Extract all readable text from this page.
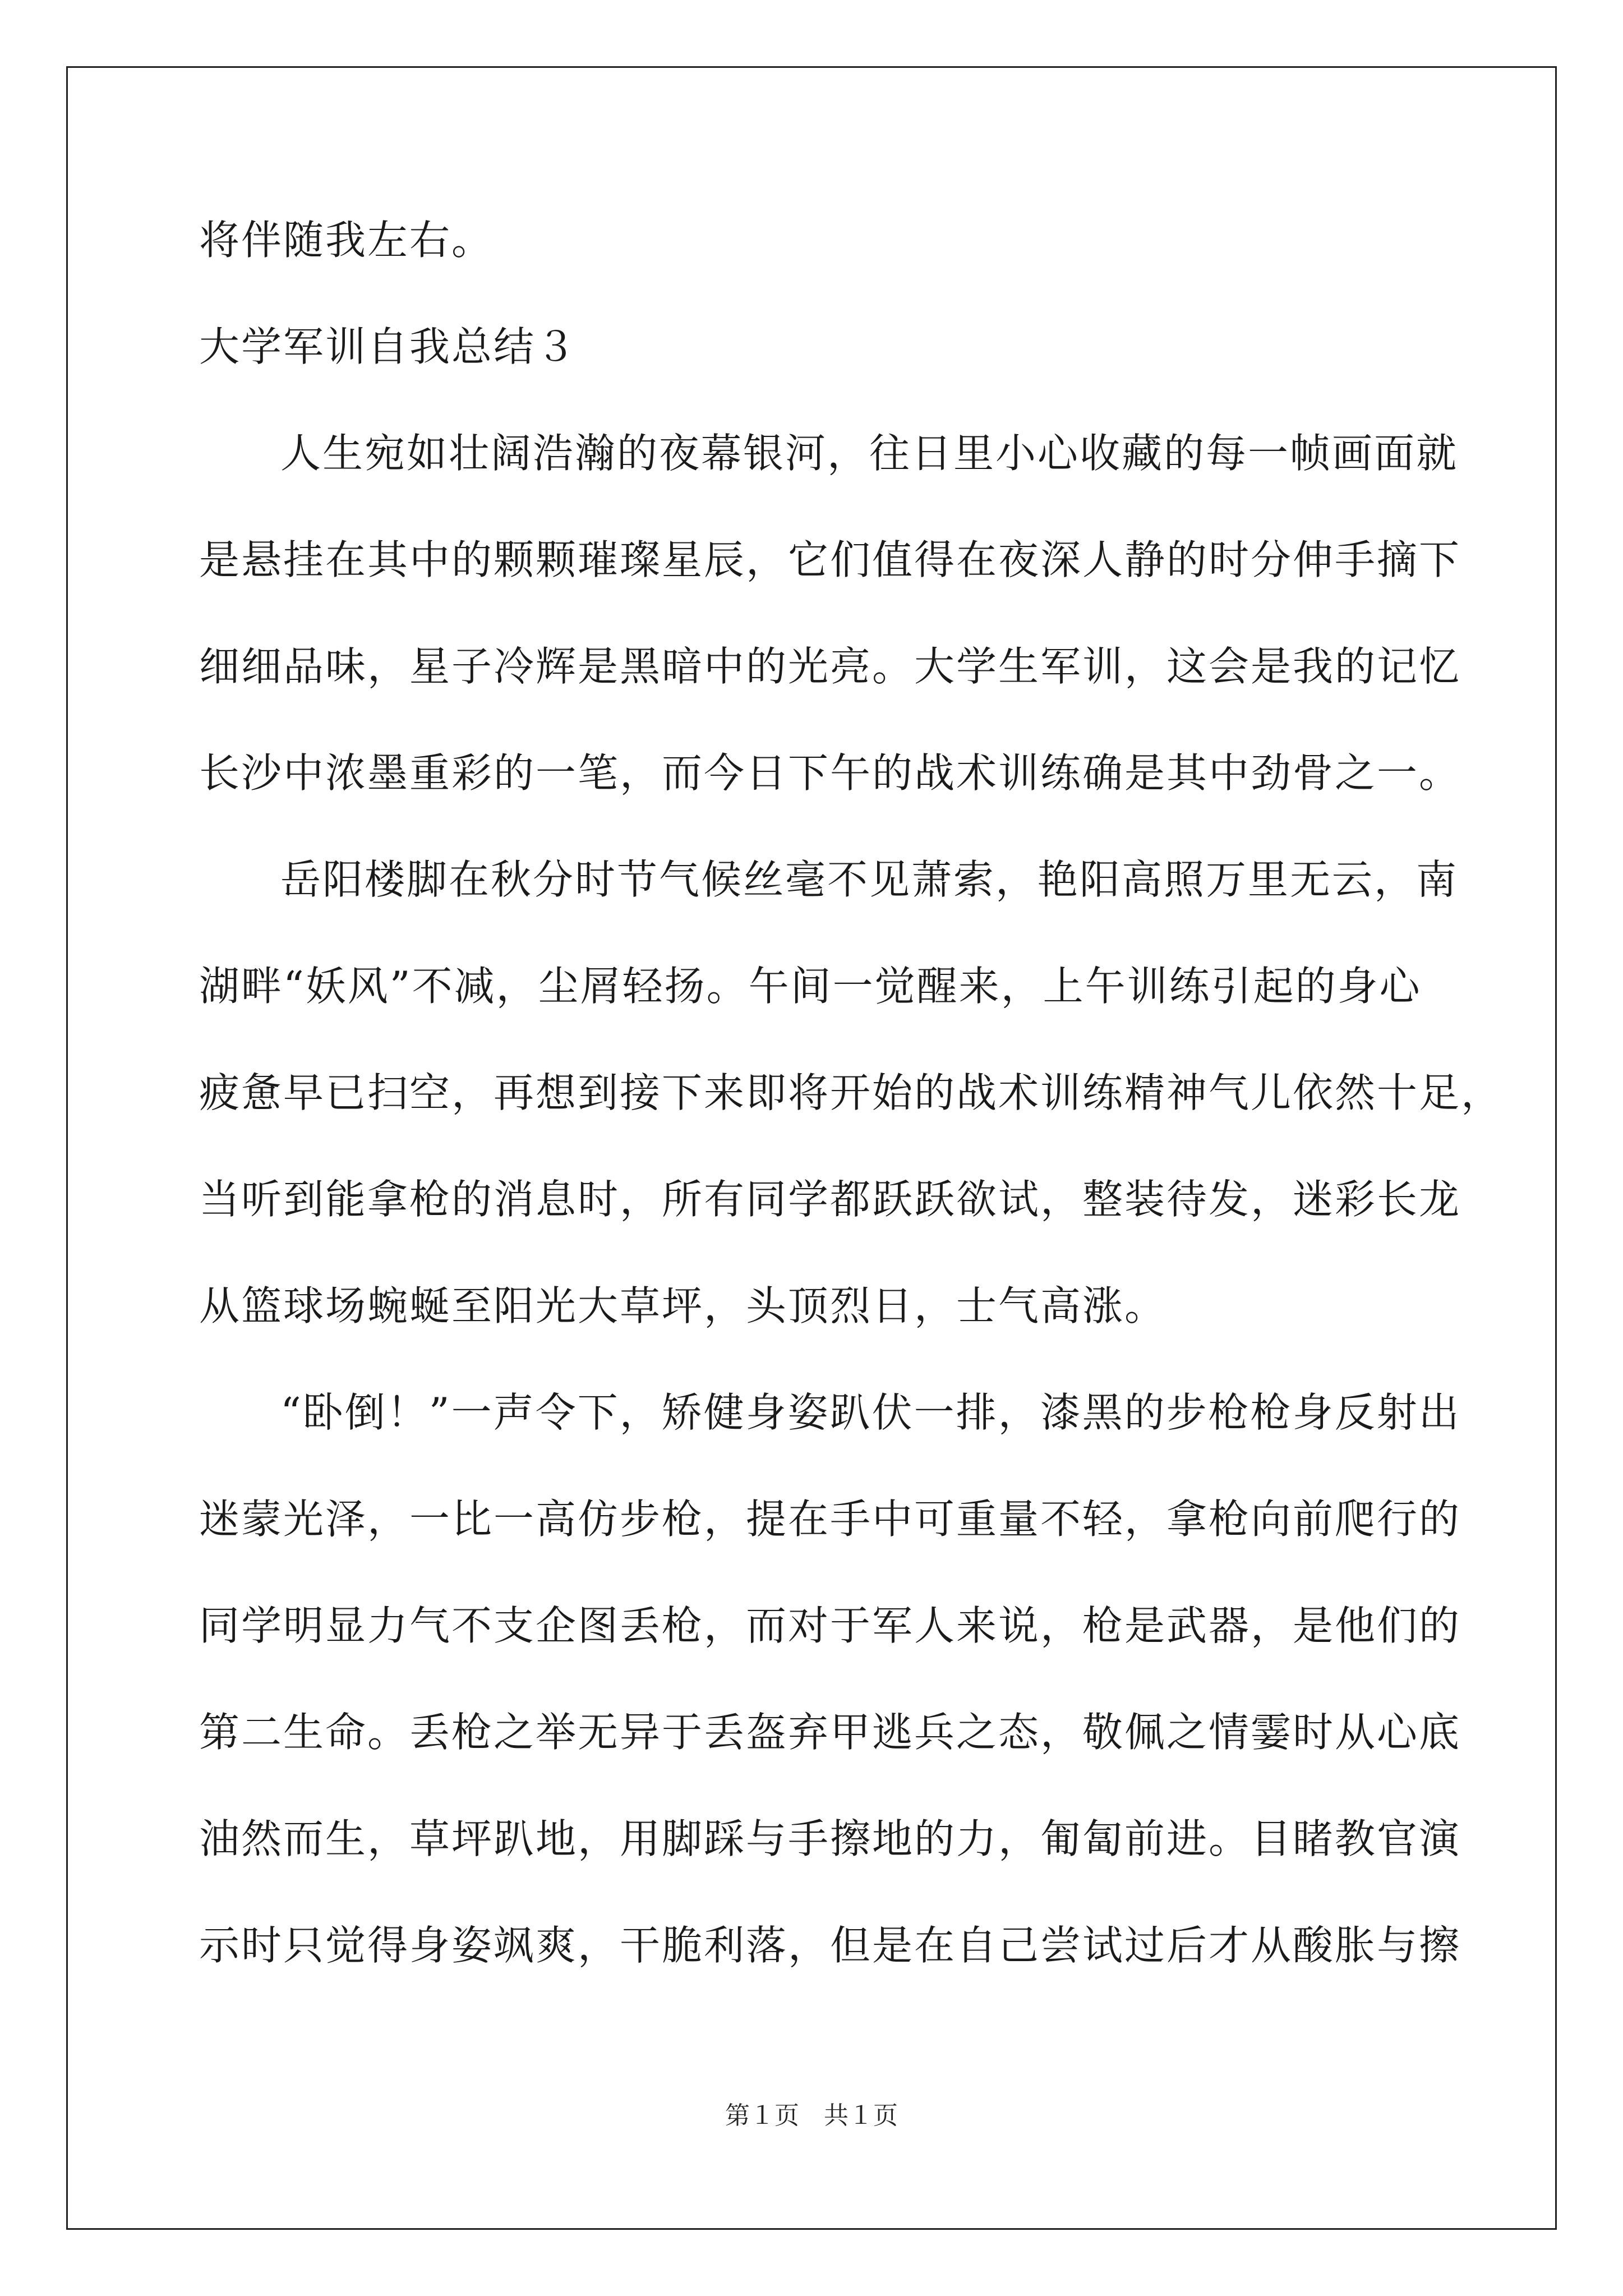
将伴随我左右。
大学军训自我总结３
人生宛如壮阔浩瀚的夜幕银河，往日里小心收藏的每一帧画面就
是悬挂在其中的颗颗璀璨星辰，它们值得在夜深人静的时分伸手摘下
细细品味，星子冷辉是黑暗中的光亮。大学生军训，这会是我的记忆
长沙中浓墨重彩的一笔，而今日下午的战术训练确是其中劲骨之一。
岳阳楼脚在秋分时节气候丝毫不见萧索，艳阳高照万里无云，南
湖畔“妖风”不减，尘屑轻扬。午间一觉醒来，上午训练引起的身心
疲惫早已扫空，再想到接下来即将开始的战术训练精神气儿依然十足，
当听到能拿枪的消息时，所有同学都跃跃欲试，整装待发，迷彩长龙
从篮球场蜿蜒至阳光大草坪，头顶烈日，士气高涨。
“卧倒！”一声令下，矫健身姿趴伏一排，漆黑的步枪枪身反射出
迷蒙光泽，一比一高仿步枪，提在手中可重量不轻，拿枪向前爬行的
同学明显力气不支企图丢枪，而对于军人来说，枪是武器，是他们的
第二生命。丢枪之举无异于丢盔弃甲逃兵之态，敬佩之情霎时从心底
油然而生，草坪趴地，用脚踩与手擦地的力，匍匐前进。目睹教官演
示时只觉得身姿飒爽，干脆利落，但是在自己尝试过后才从酸胀与擦
第１页　共１页
